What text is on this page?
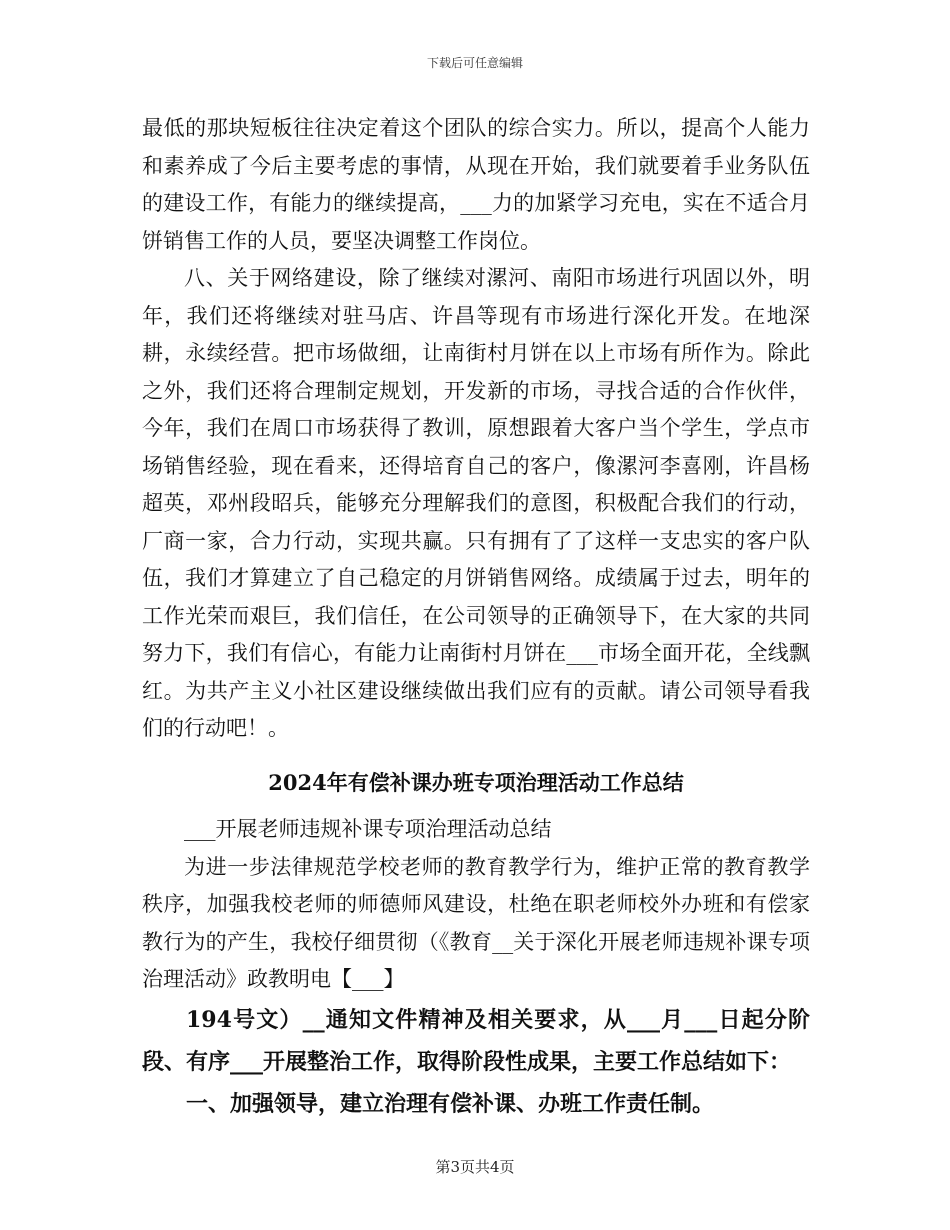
下载后可任意编辑

最低的那块短板往往决定着这个团队的综合实力。所以，提高个人能力和素养成了今后主要考虑的事情，从现在开始，我们就要着手业务队伍的建设工作，有能力的继续提高，___力的加紧学习充电，实在不适合月饼销售工作的人员，要坚决调整工作岗位。

八、关于网络建设，除了继续对漯河、南阳市场进行巩固以外，明年，我们还将继续对驻马店、许昌等现有市场进行深化开发。在地深耕，永续经营。把市场做细，让南街村月饼在以上市场有所作为。除此之外，我们还将合理制定规划，开发新的市场，寻找合适的合作伙伴，今年，我们在周口市场获得了教训，原想跟着大客户当个学生，学点市场销售经验，现在看来，还得培育自己的客户，像漯河李喜刚，许昌杨超英，邓州段昭兵，能够充分理解我们的意图，积极配合我们的行动，厂商一家，合力行动，实现共赢。只有拥有了了这样一支忠实的客户队伍，我们才算建立了自己稳定的月饼销售网络。成绩属于过去，明年的工作光荣而艰巨，我们信任，在公司领导的正确领导下，在大家的共同努力下，我们有信心，有能力让南街村月饼在___市场全面开花，全线飘红。为共产主义小社区建设继续做出我们应有的贡献。请公司领导看我们的行动吧！。

2024年有偿补课办班专项治理活动工作总结

___开展老师违规补课专项治理活动总结

为进一步法律规范学校老师的教育教学行为，维护正常的教育教学秩序，加强我校老师的师德师风建设，杜绝在职老师校外办班和有偿家教行为的产生，我校仔细贯彻（《教育__关于深化开展老师违规补课专项治理活动》政教明电【___】

194号文）__通知文件精神及相关要求，从___月___日起分阶段、有序___开展整治工作，取得阶段性成果，主要工作总结如下：

一、加强领导，建立治理有偿补课、办班工作责任制。

第3页共4页
